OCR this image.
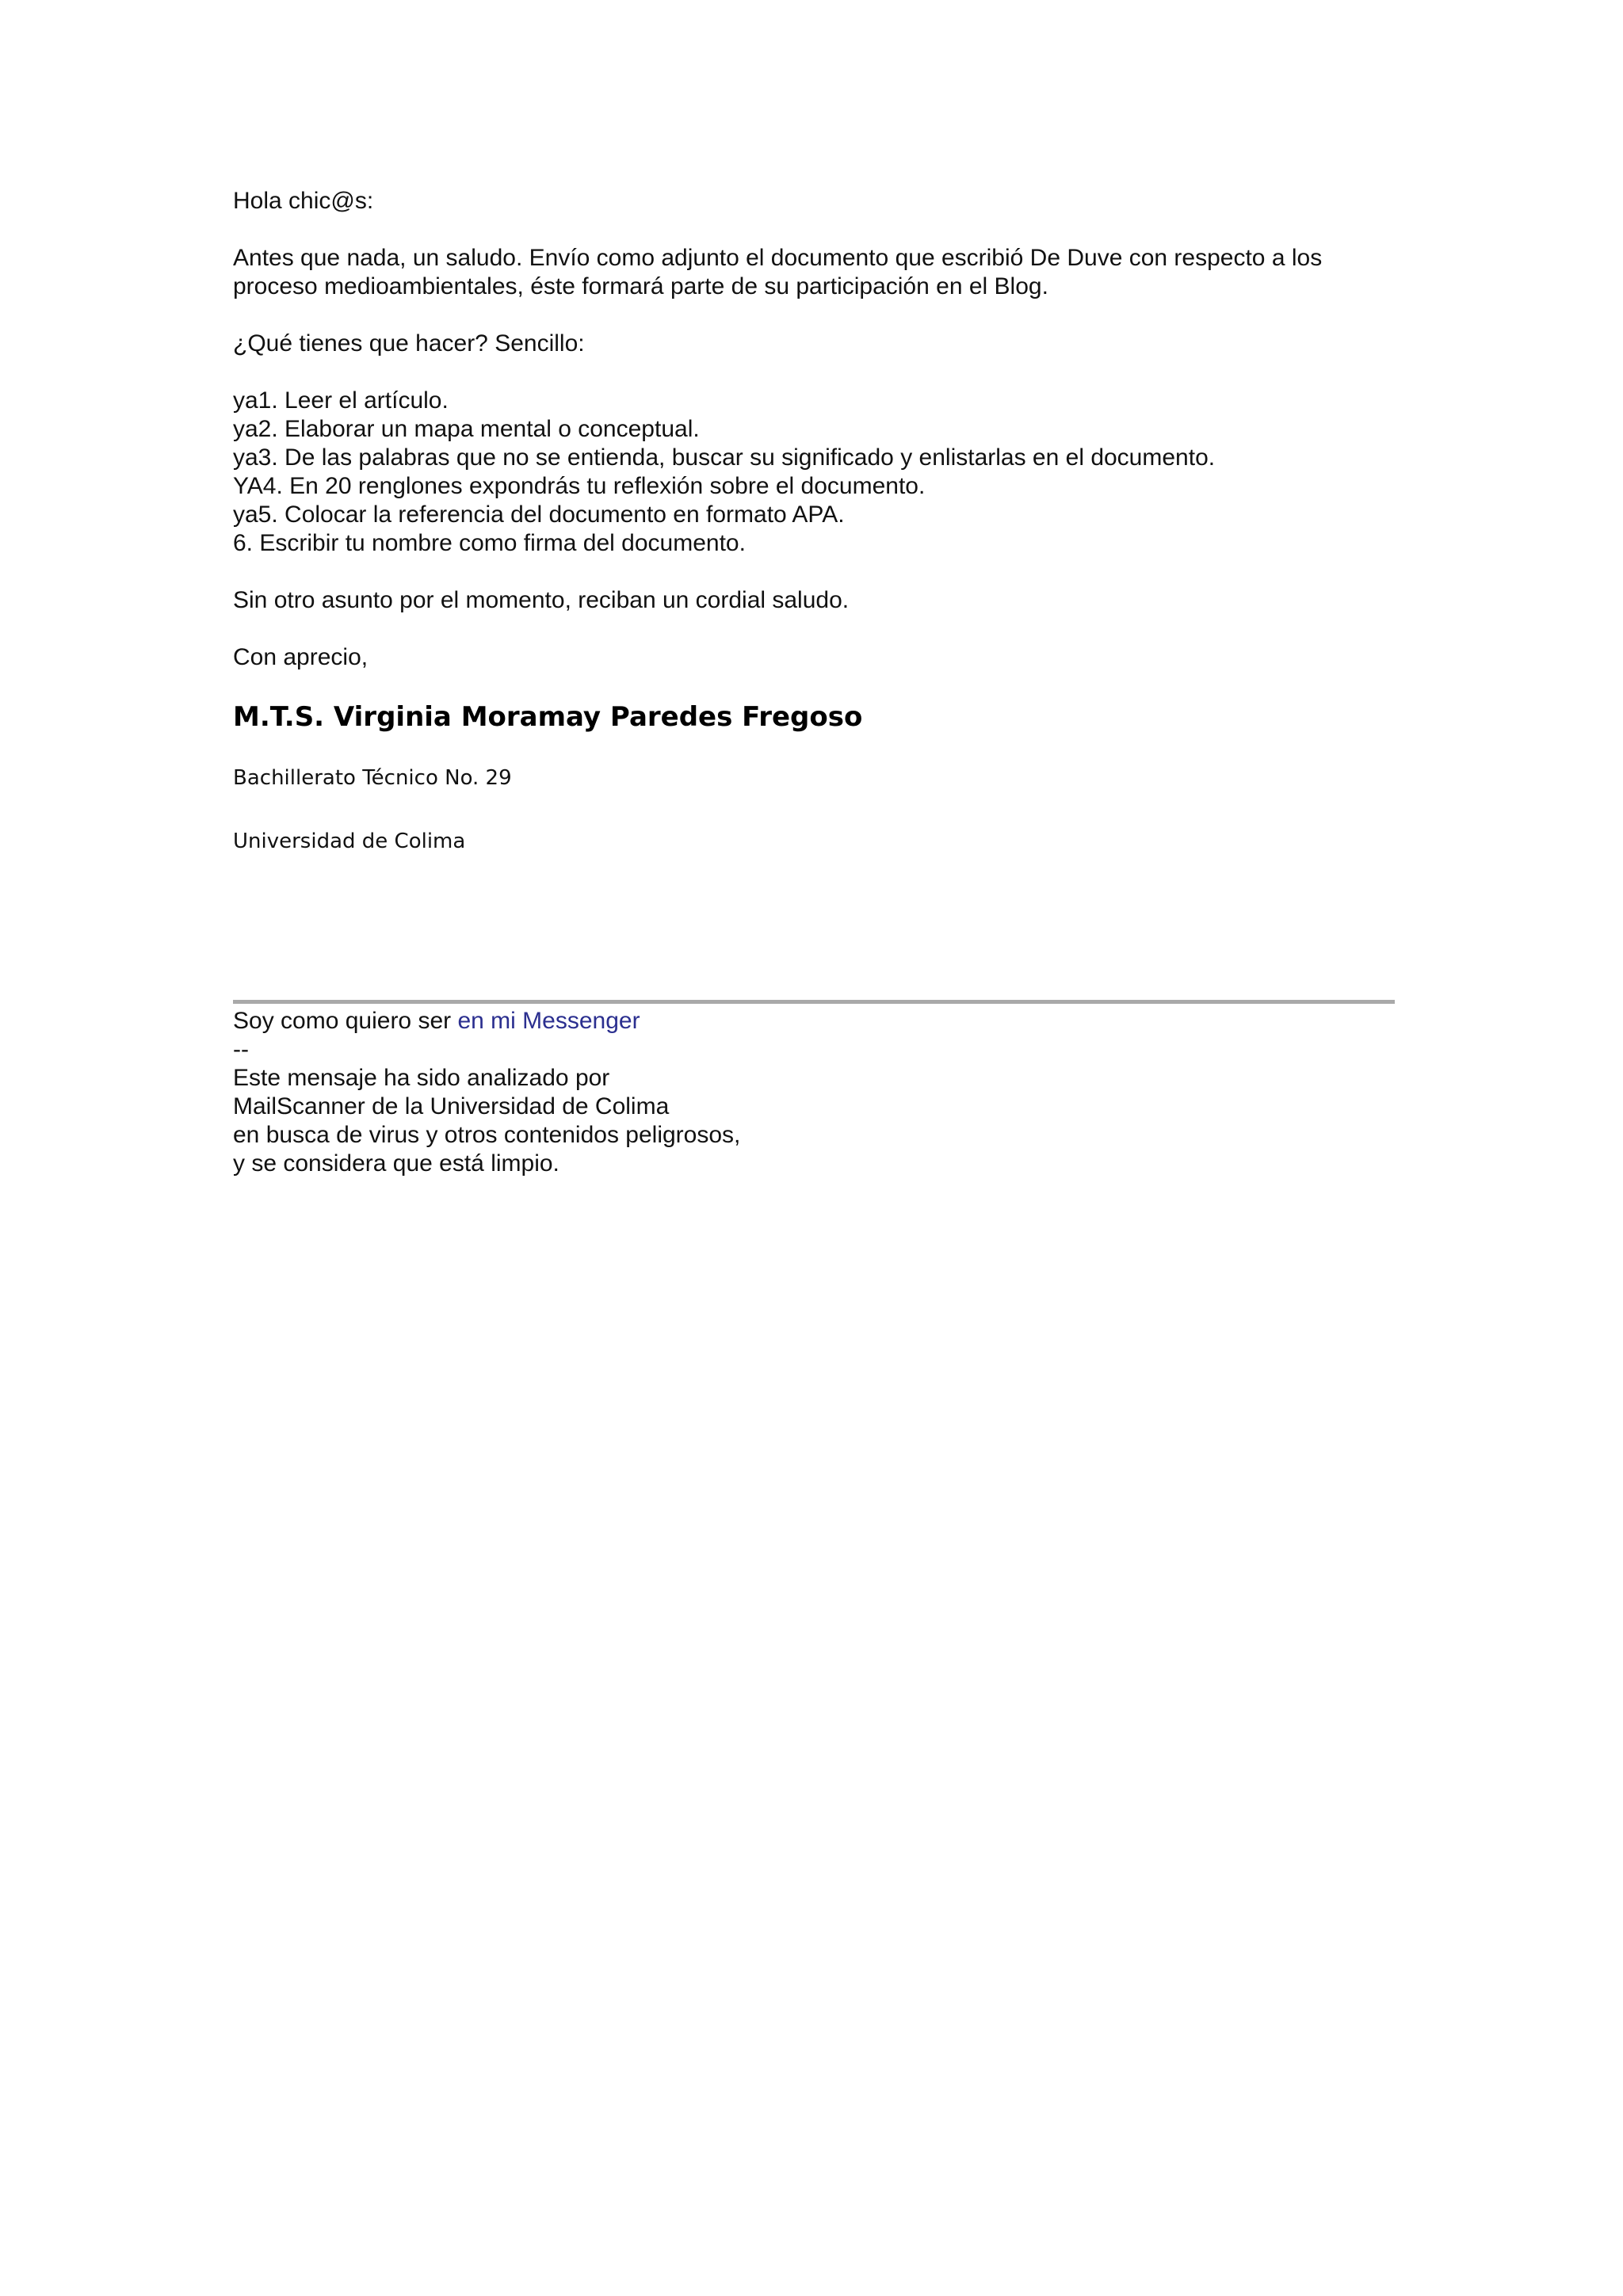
Hola chic@s:

Antes que nada, un saludo. Envío como adjunto el documento que escribió De Duve con respecto a los proceso medioambientales, éste formará parte de su participación en el Blog.

¿Qué tienes que hacer? Sencillo:

ya1. Leer el artículo.
ya2. Elaborar un mapa mental o conceptual.
ya3. De las palabras que no se entienda, buscar su significado y enlistarlas en el documento.
YA4. En 20 renglones expondrás tu reflexión sobre el documento.
ya5. Colocar la referencia del documento en formato APA.
6. Escribir tu nombre como firma del documento.

Sin otro asunto por el momento, reciban un cordial saludo.

Con aprecio,

M.T.S. Virginia Moramay Paredes Fregoso
Bachillerato Técnico No. 29
Universidad de Colima
Soy como quiero ser en mi Messenger
--
Este mensaje ha sido analizado por
MailScanner de la Universidad de Colima
en busca de virus y otros contenidos peligrosos,
y se considera que está limpio.
